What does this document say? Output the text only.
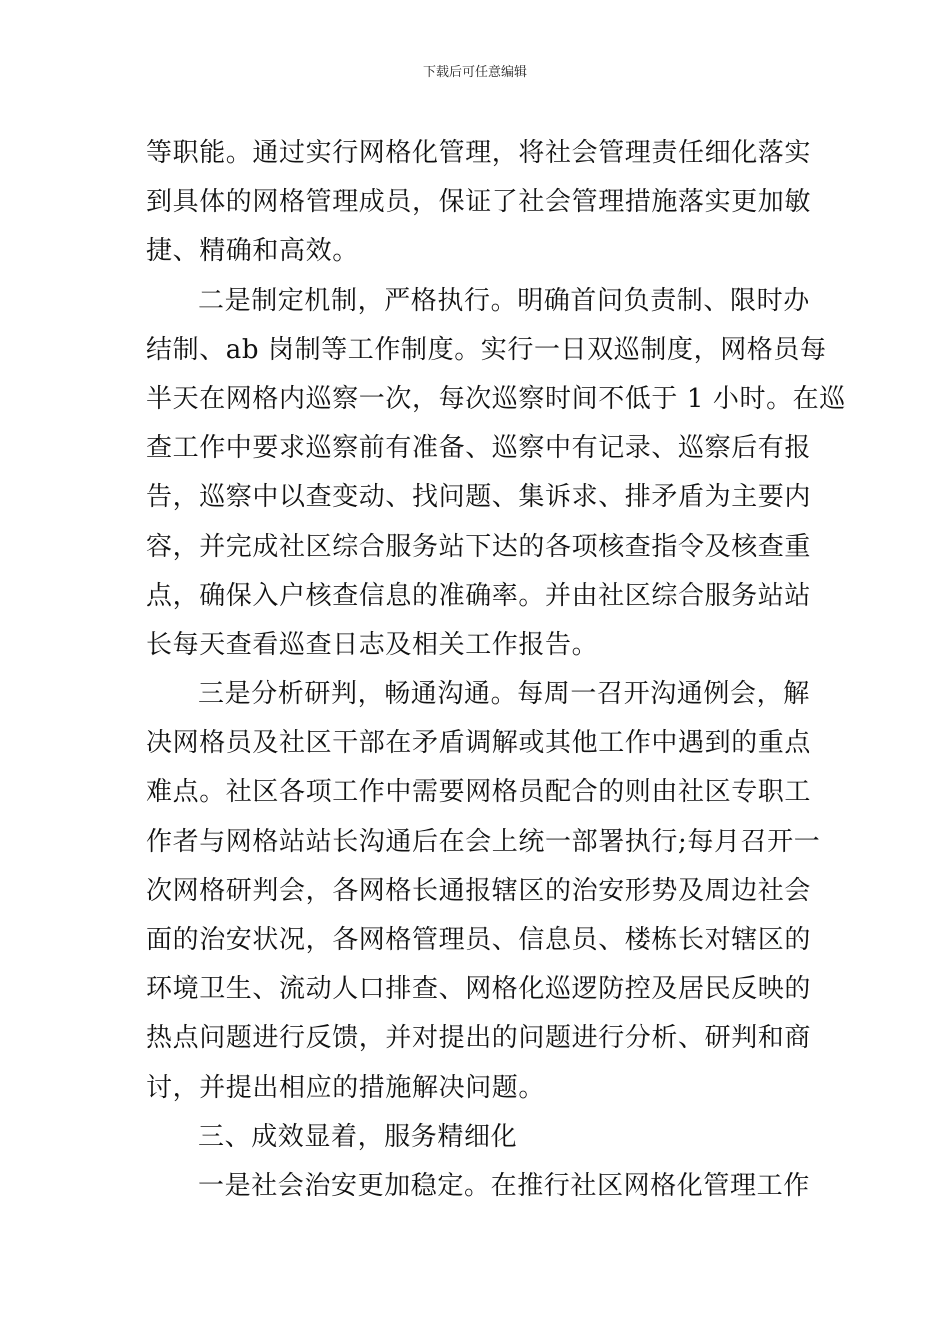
下载后可任意编辑
等职能。通过实行网格化管理，将社会管理责任细化落实
到具体的网格管理成员，保证了社会管理措施落实更加敏
捷、精确和高效。
二是制定机制，严格执行。明确首问负责制、限时办
结制、ab 岗制等工作制度。实行一日双巡制度，网格员每
半天在网格内巡察一次，每次巡察时间不低于 1 小时。在巡
查工作中要求巡察前有准备、巡察中有记录、巡察后有报
告，巡察中以查变动、找问题、集诉求、排矛盾为主要内
容，并完成社区综合服务站下达的各项核查指令及核查重
点，确保入户核查信息的准确率。并由社区综合服务站站
长每天查看巡查日志及相关工作报告。
三是分析研判，畅通沟通。每周一召开沟通例会，解
决网格员及社区干部在矛盾调解或其他工作中遇到的重点
难点。社区各项工作中需要网格员配合的则由社区专职工
作者与网格站站长沟通后在会上统一部署执行;每月召开一
次网格研判会，各网格长通报辖区的治安形势及周边社会
面的治安状况，各网格管理员、信息员、楼栋长对辖区的
环境卫生、流动人口排查、网格化巡逻防控及居民反映的
热点问题进行反馈，并对提出的问题进行分析、研判和商
讨，并提出相应的措施解决问题。
三、成效显着，服务精细化
一是社会治安更加稳定。在推行社区网格化管理工作
